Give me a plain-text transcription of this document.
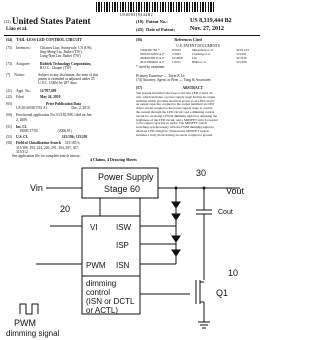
US008319444B2
(12) United States Patent
Liao et al.
(10) Patent No.:	US 8,319,444 B2
(45) Date of Patent:	Nov. 27, 2012
(54) TAIL-LESS LED CONTROL CIRCUIT
(75) Inventors:	Chiawei Liao, Sunnyvale, CA (US);
Jing-Meng Liu, Jhubei (TW);
Lung-Nan Lin, Jhubei (TW)
(73) Assignee:	Richtek Technology Corporation,
R.O.C., Chupei (TW)
(*) Notice:	Subject to any disclaimer, the term of this
patent is extended or adjusted under 35
U.S.C. 154(b) by 287 days.
(21) Appl. No.:	12/707,599
(22) Filed:	May 26, 2010
(65)	Prior Publication Data
US 2010/0301762 A1	Dec. 2, 2010
(60) Provisional application No. 61/182,908, filed on Jun.
2, 2009.
(51) Int. Cl.
H05B 37/00	(2006.01)
(52) U.S. Cl.	315/186; 315/291
(58) Field of Classification Search 315/185 S,
315/186, 193, 224, 226, 291, 294, 297, 307,
315/312
See application file for complete search history.
(56)	References Cited
U.S. PATENT DOCUMENTS
7,804,697 B2 *	9/2010	Shteynberg et al.	363/21.03
2003/0122502 A1* 7/2003	Clauberg et al.	315/291
2008/0238533 A1* 10/2008	Lin	327/536
2011/0006691 A1* 1/2011	Blaha et al.	315/186
* cited by examiner
Primary Examiner — Tuyet K Le
(74) Attorney, Agent, or Firm — Tung & Associates
(57)	ABSTRACT
The present invention discloses a tail-less LED control cir-
cuit, which includes: a power supply stage having an output
terminal which provides electrical power to an LED circuit;
an output capacitor coupled to the output terminal; an LED
driver circuit coupled to the power supply stage to control
the current through the LED circuit; and a dimming control
circuit for receiving a PWM dimming signal for adjusting the
brightness of the LED circuit, and a MOSFET switch coupled
to the output capacitor in series. The MOSFET switch
switching synchronously with the PWM dimming signal to
alleviate LED afterglow. Wherein the MOSFET switch
includes a body diode having an anode coupled to ground.
4 Claims, 4 Drawing Sheets
Vin
Power Supply
Stage 60
20
30
Vout
Cout
VI ISW
ISP
PWM ISN
dimming
control
(ISN or DCTL
or ACTL)
PWM
dimming signal
Q1
10
